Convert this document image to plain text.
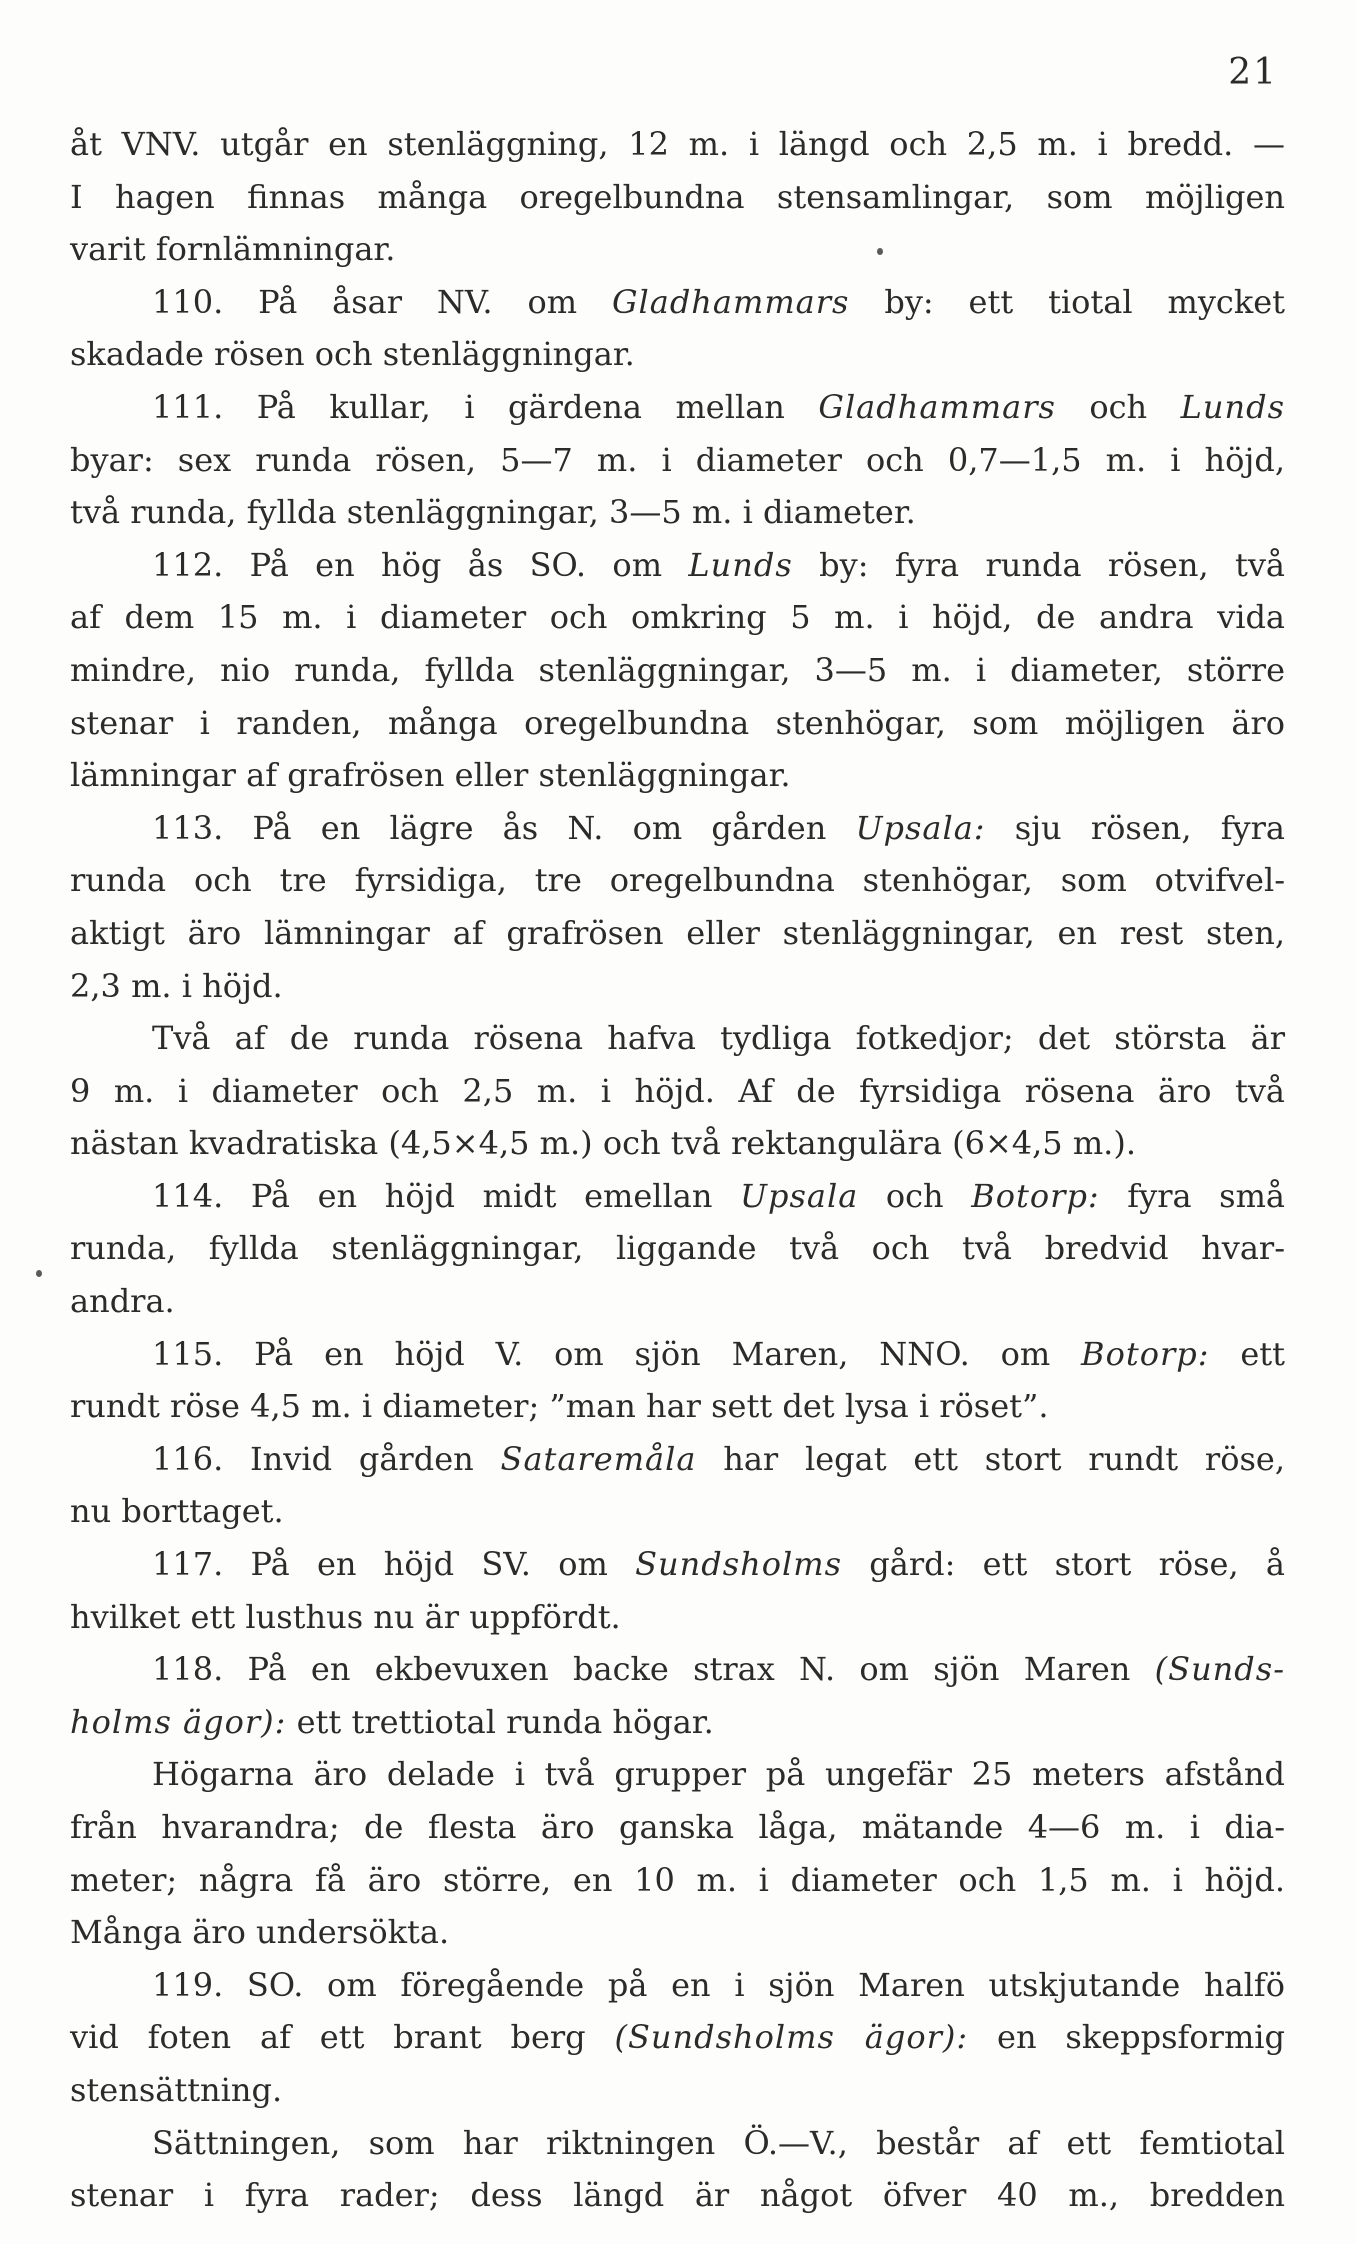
21
åt VNV. utgår en stenläggning, 12 m. i längd och 2,5 m. i bredd. —
I hagen finnas många oregelbundna stensamlingar, som möjligen
varit fornlämningar.
110. På åsar NV. om Gladhammars by: ett tiotal mycket
skadade rösen och stenläggningar.
111. På kullar, i gärdena mellan Gladhammars och Lunds
byar: sex runda rösen, 5—7 m. i diameter och 0,7—1,5 m. i höjd,
två runda, fyllda stenläggningar, 3—5 m. i diameter.
112. På en hög ås SO. om Lunds by: fyra runda rösen, två
af dem 15 m. i diameter och omkring 5 m. i höjd, de andra vida
mindre, nio runda, fyllda stenläggningar, 3—5 m. i diameter, större
stenar i randen, många oregelbundna stenhögar, som möjligen äro
lämningar af grafrösen eller stenläggningar.
113. På en lägre ås N. om gården Upsala: sju rösen, fyra
runda och tre fyrsidiga, tre oregelbundna stenhögar, som otvifvel-
aktigt äro lämningar af grafrösen eller stenläggningar, en rest sten,
2,3 m. i höjd.
Två af de runda rösena hafva tydliga fotkedjor; det största är
9 m. i diameter och 2,5 m. i höjd. Af de fyrsidiga rösena äro två
nästan kvadratiska (4,5×4,5 m.) och två rektangulära (6×4,5 m.).
114. På en höjd midt emellan Upsala och Botorp: fyra små
runda, fyllda stenläggningar, liggande två och två bredvid hvar-
andra.
115. På en höjd V. om sjön Maren, NNO. om Botorp: ett
rundt röse 4,5 m. i diameter; ”man har sett det lysa i röset”.
116. Invid gården Sataremåla har legat ett stort rundt röse,
nu borttaget.
117. På en höjd SV. om Sundsholms gård: ett stort röse, å
hvilket ett lusthus nu är uppfördt.
118. På en ekbevuxen backe strax N. om sjön Maren (Sunds-
holms ägor): ett trettiotal runda högar.
Högarna äro delade i två grupper på ungefär 25 meters afstånd
från hvarandra; de flesta äro ganska låga, mätande 4—6 m. i dia-
meter; några få äro större, en 10 m. i diameter och 1,5 m. i höjd.
Många äro undersökta.
119. SO. om föregående på en i sjön Maren utskjutande halfö
vid foten af ett brant berg (Sundsholms ägor): en skeppsformig
stensättning.
Sättningen, som har riktningen Ö.—V., består af ett femtiotal
stenar i fyra rader; dess längd är något öfver 40 m., bredden
